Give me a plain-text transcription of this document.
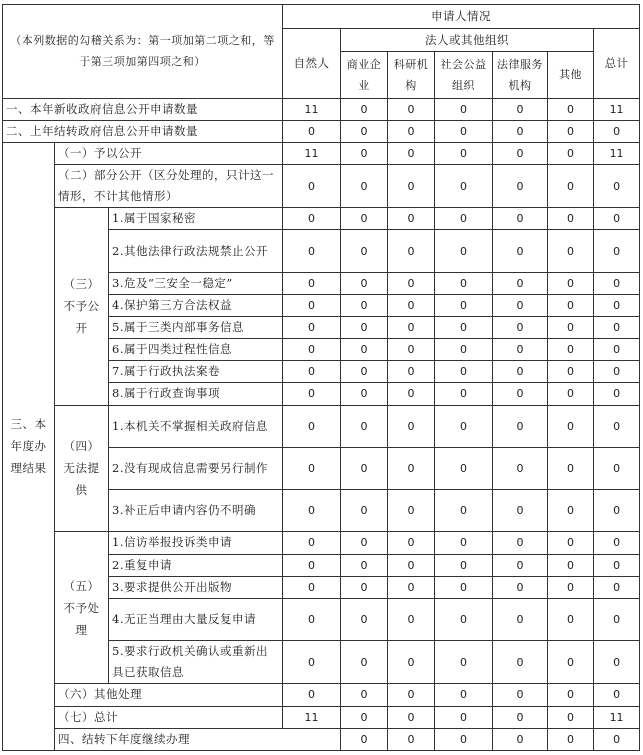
（本列数据的勾稽关系为：第一项加第二项之和，等于第三项加第四项之和）			申请人情况							
			自然人	法人或其他组织					总计	
				商业企业	科研机构	社会公益组织	法律服务机构	其他		
一、本年新收政府信息公开申请数量			11	0	0	0	0	0	11	
二、上年结转政府信息公开申请数量			0	0	0	0	0	0	0	
三、本年度办理结果	（一）予以公开		11	0	0	0	0	0	11	
	（二）部分公开（区分处理的，只计这一情形，不计其他情形）		0	0	0	0	0	0	0	
	（三）不予公开	1.属于国家秘密	0	0	0	0	0	0	0	
		2.其他法律行政法规禁止公开	0	0	0	0	0	0	0	
		3.危及“三安全一稳定”	0	0	0	0	0	0	0	
		4.保护第三方合法权益	0	0	0	0	0	0	0	
		5.属于三类内部事务信息	0	0	0	0	0	0	0	
		6.属于四类过程性信息	0	0	0	0	0	0	0	
		7.属于行政执法案卷	0	0	0	0	0	0	0	
		8.属于行政查询事项	0	0	0	0	0	0	0	
	（四）无法提供	1.本机关不掌握相关政府信息	0	0	0	0	0	0	0	
		2.没有现成信息需要另行制作	0	0	0	0	0	0	0	
		3.补正后申请内容仍不明确	0	0	0	0	0	0	0	
	（五）不予处理	1.信访举报投诉类申请	0	0	0	0	0	0	0	
		2.重复申请	0	0	0	0	0	0	0	
		3.要求提供公开出版物	0	0	0	0	0	0	0	
		4.无正当理由大量反复申请	0	0	0	0	0	0	0	
		5.要求行政机关确认或重新出具已获取信息	0	0	0	0	0	0	0	
	（六）其他处理		0	0	0	0	0	0	0	
	（七）总计		11	0	0	0	0	0	11	
	四、结转下年度继续办理			0	0	0	0	0	0	
